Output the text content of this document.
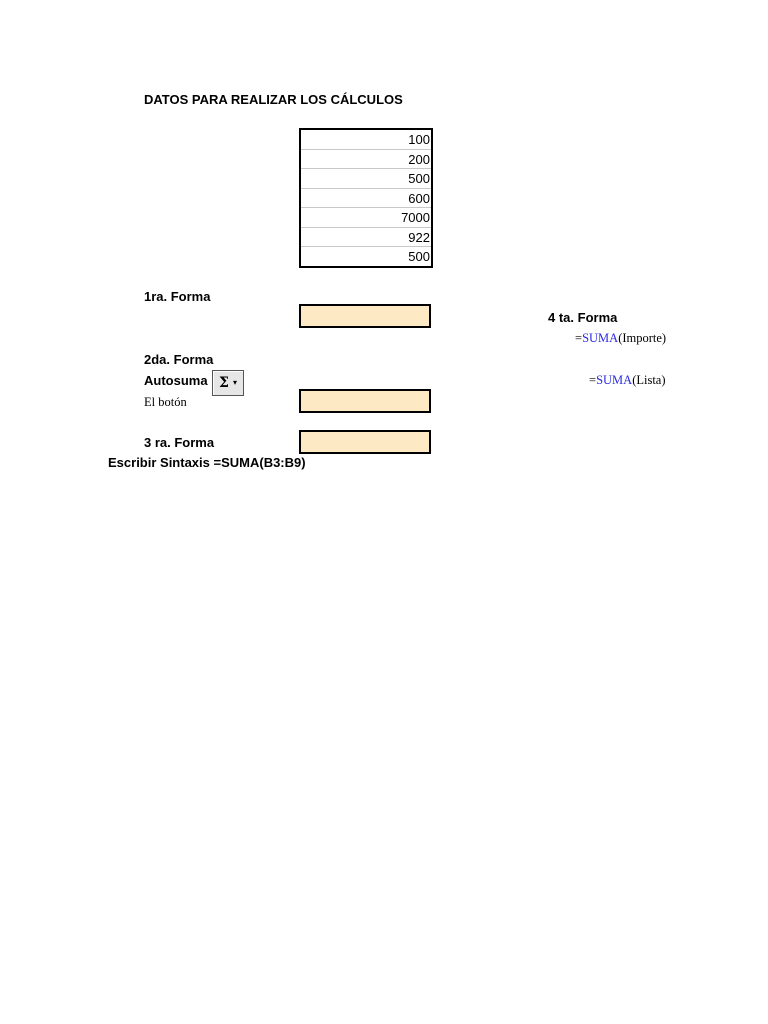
DATOS PARA REALIZAR LOS CÁLCULOS
100
200
500
600
7000
922
500
1ra. Forma
4 ta. Forma
=SUMA(Importe)
=SUMA(Lista)
2da. Forma
Autosuma Σ ▾
El botón
3 ra. Forma
Escribir Sintaxis =SUMA(B3:B9)
